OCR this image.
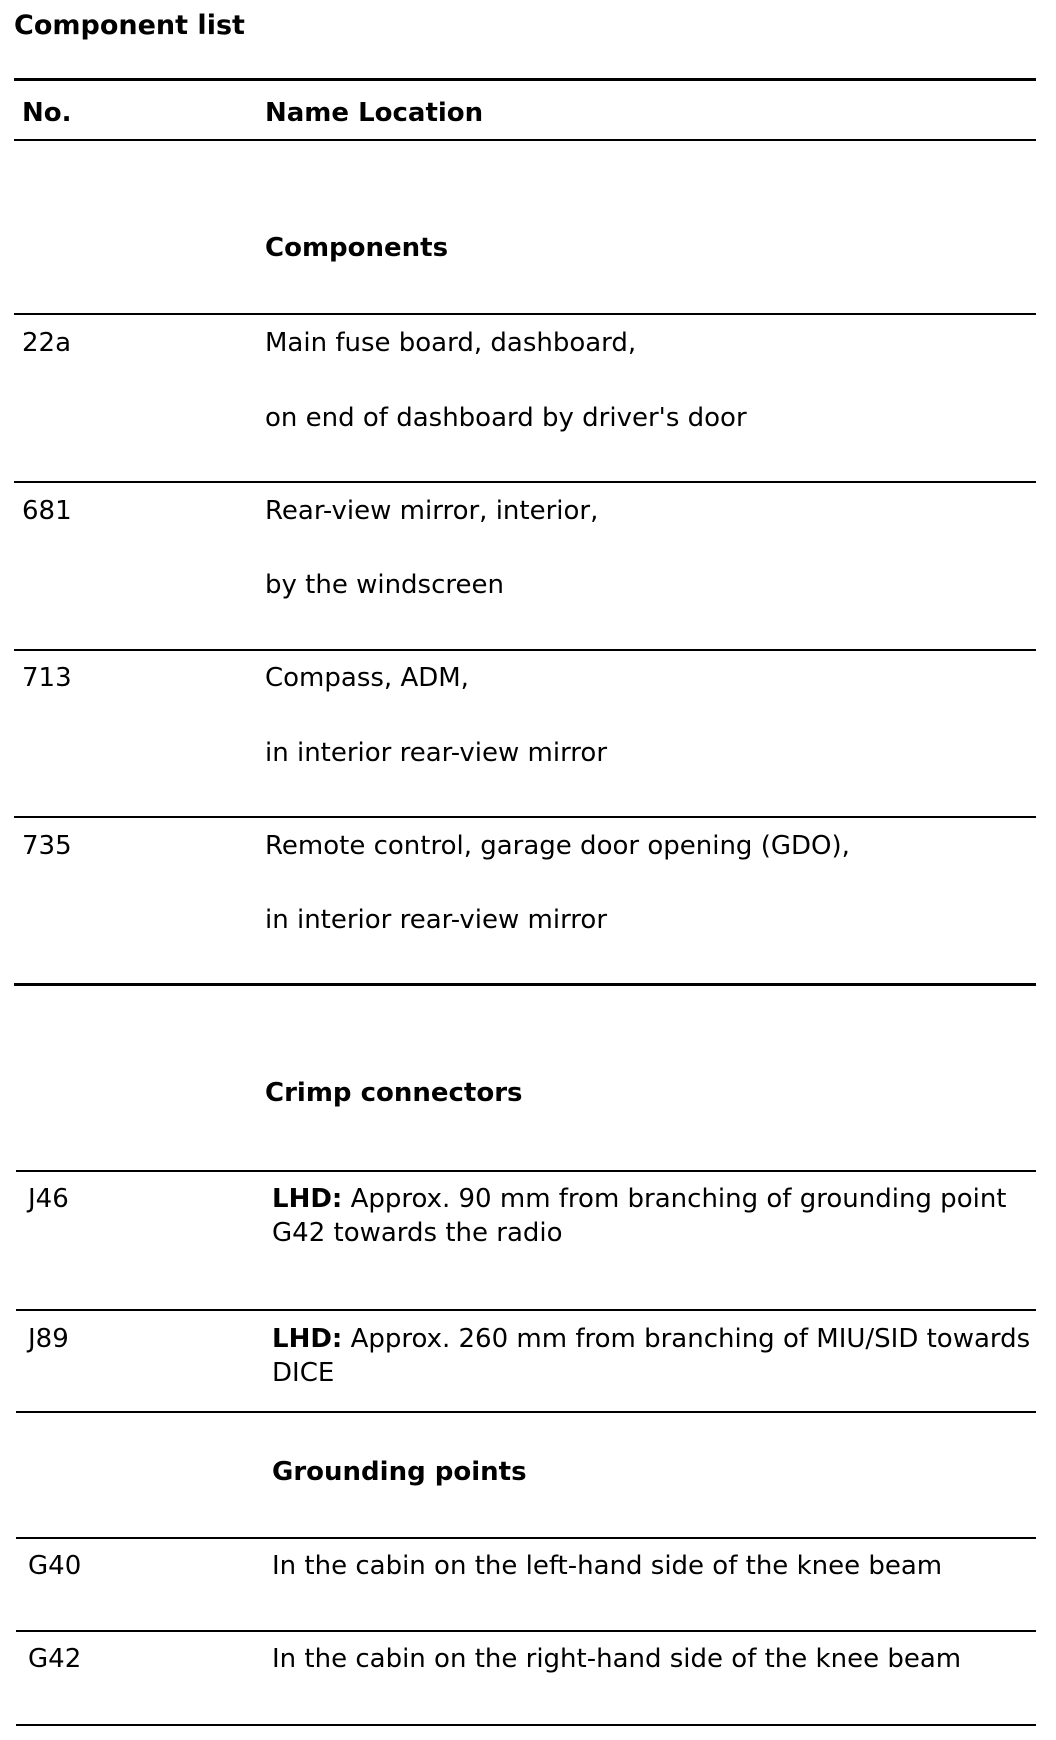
Component list
No.	Name Location
Components
22a	Main fuse board, dashboard,
on end of dashboard by driver's door
681	Rear-view mirror, interior,
by the windscreen
713	Compass, ADM,
in interior rear-view mirror
735	Remote control, garage door opening (GDO),
in interior rear-view mirror
Crimp connectors
J46	LHD: Approx. 90 mm from branching of grounding point G42 towards the radio
J89	LHD: Approx. 260 mm from branching of MIU/SID towards DICE
Grounding points
G40	In the cabin on the left-hand side of the knee beam
G42	In the cabin on the right-hand side of the knee beam
